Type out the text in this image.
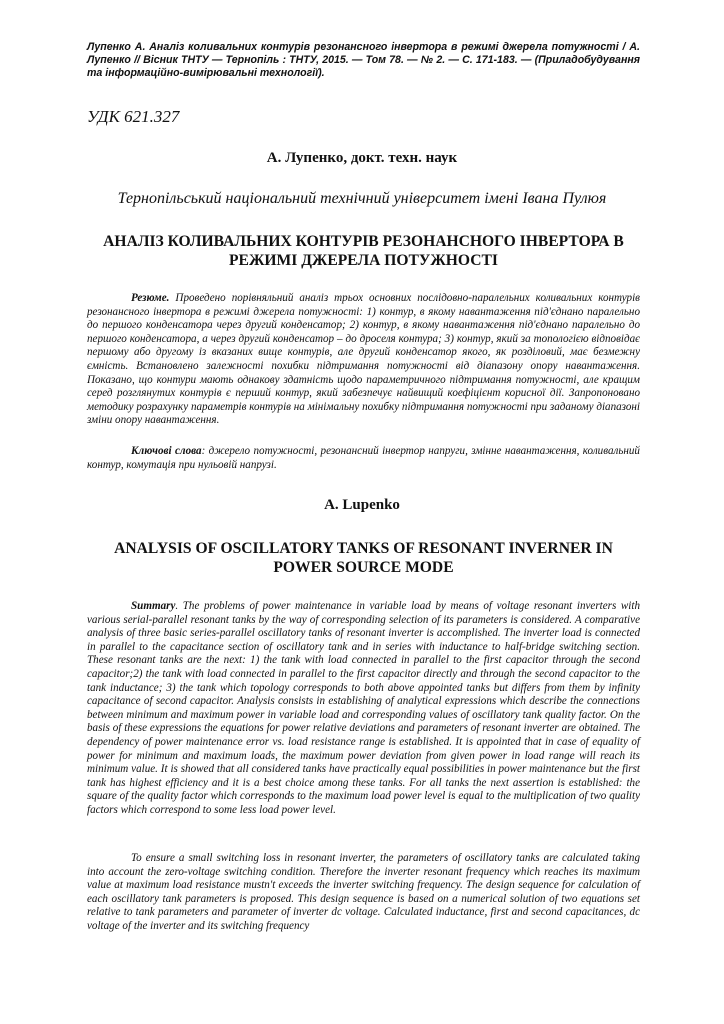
Лупенко А. Аналіз коливальних контурів резонансного інвертора в режимі джерела потужності / А. Лупенко // Вісник ТНТУ — Тернопіль : ТНТУ, 2015. — Том 78. — № 2. — С. 171-183. — (Приладобудування та інформаційно-вимірювальні технології).

УДК 621.327

А. Лупенко, докт. техн. наук

Тернопільський національний технічний університет імені Івана Пулюя

АНАЛІЗ КОЛИВАЛЬНИХ КОНТУРІВ РЕЗОНАНСНОГО ІНВЕРТОРА В РЕЖИМІ ДЖЕРЕЛА ПОТУЖНОСТІ

Резюме. Проведено порівняльний аналіз трьох основних послідовно-паралельних коливальних контурів резонансного інвертора в режимі джерела потужності: 1) контур, в якому навантаження під'єднано паралельно до першого конденсатора через другий конденсатор; 2) контур, в якому навантаження під'єднано паралельно до першого конденсатора, а через другий конденсатор – до дроселя контура; 3) контур, який за топологією відповідає першому або другому із вказаних вище контурів, але другий конденсатор якого, як розділовий, має безмежну ємність. Встановлено залежності похибки підтримання потужності від діапазону опору навантаження. Показано, що контури мають однакову здатність щодо параметричного підтримання потужності, але кращим серед розглянутих контурів є перший контур, який забезпечує найвищий коефіцієнт корисної дії. Запропоновано методику розрахунку параметрів контурів на мінімальну похибку підтримання потужності при заданому діапазоні зміни опору навантаження.

Ключові слова: джерело потужності, резонансний інвертор напруги, змінне навантаження, коливальний контур, комутація при нульовій напрузі.

A. Lupenko

ANALYSIS OF OSCILLATORY TANKS OF RESONANT INVERNER IN POWER SOURCE MODE

Summary. The problems of power maintenance in variable load by means of voltage resonant inverters with various serial-parallel resonant tanks by the way of corresponding selection of its parameters is considered. A comparative analysis of three basic series-parallel oscillatory tanks of resonant inverter is accomplished. The inverter load is connected in parallel to the capacitance section of oscillatory tank and in series with inductance to half-bridge switching section. These resonant tanks are the next: 1) the tank with load connected in parallel to the first capacitor through the second capacitor;2) the tank with load connected in parallel to the first capacitor directly and through the second capacitor to the tank inductance; 3) the tank which topology corresponds to both above appointed tanks but differs from them by infinity capacitance of second capacitor. Analysis consists in establishing of analytical expressions which describe the connections between minimum and maximum power in variable load and corresponding values of oscillatory tank quality factor. On the basis of these expressions the equations for power relative deviations and parameters of resonant inverter are obtained. The dependency of power maintenance error vs. load resistance range is established. It is appointed that in case of equality of power for minimum and maximum loads, the maximum power deviation from given power in load range will reach its minimum value. It is showed that all considered tanks have practically equal possibilities in power maintenance but the first tank has highest efficiency and it is a best choice among these tanks. For all tanks the next assertion is established: the square of the quality factor which corresponds to the maximum load power level is equal to the multiplication of two quality factors which correspond to some less load power level.

To ensure a small switching loss in resonant inverter, the parameters of oscillatory tanks are calculated taking into account the zero-voltage switching condition. Therefore the inverter resonant frequency which reaches its maximum value at maximum load resistance mustn't exceeds the inverter switching frequency. The design sequence for calculation of each oscillatory tank parameters is proposed. This design sequence is based on a numerical solution of two equations set relative to tank parameters and parameter of inverter dc voltage. Calculated inductance, first and second capacitances, dc voltage of the inverter and its switching frequency
